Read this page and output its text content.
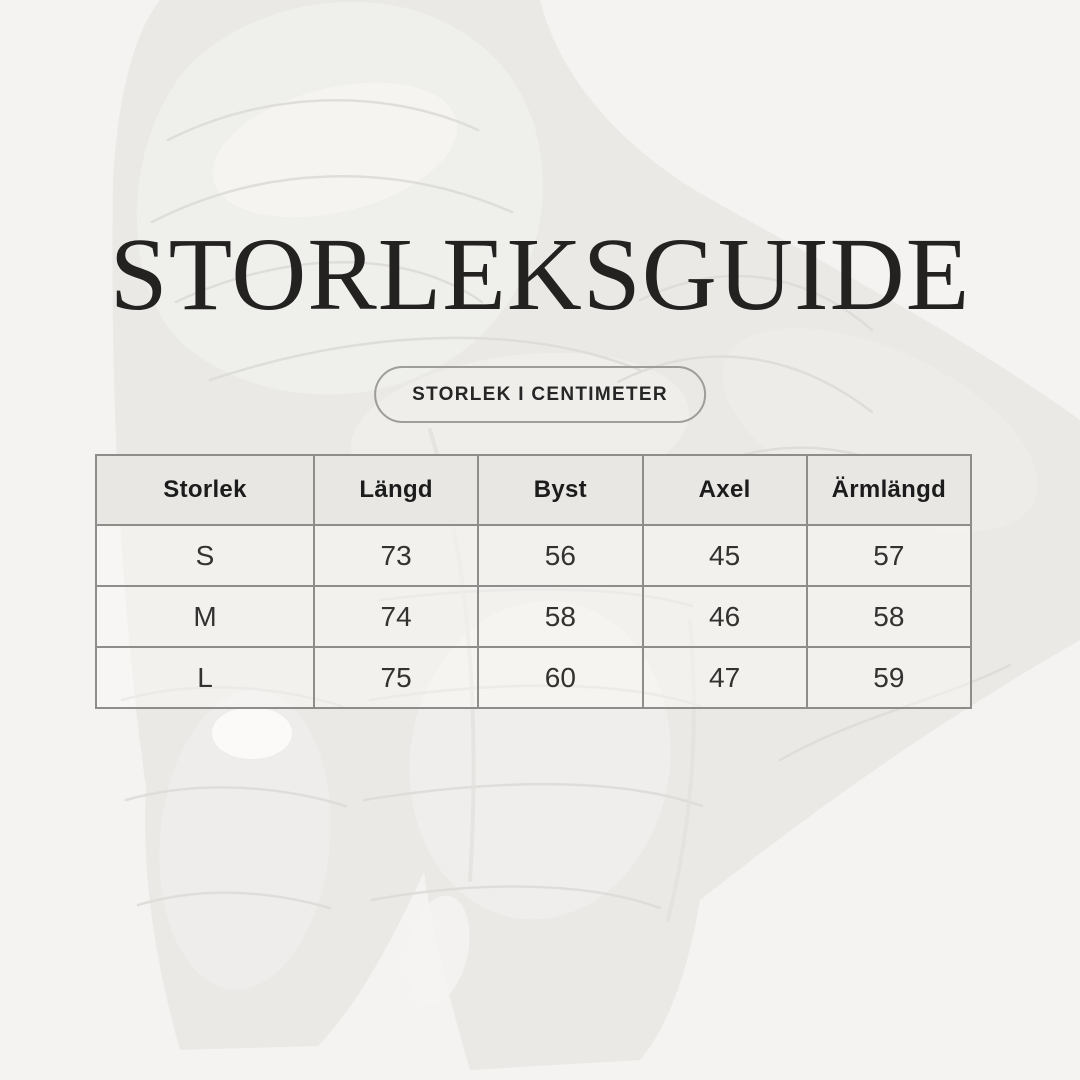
STORLEKSGUIDE
STORLEK I CENTIMETER
Storlek	Längd	Byst	Axel	Ärmlängd
S	73	56	45	57
M	74	58	46	58
L	75	60	47	59
